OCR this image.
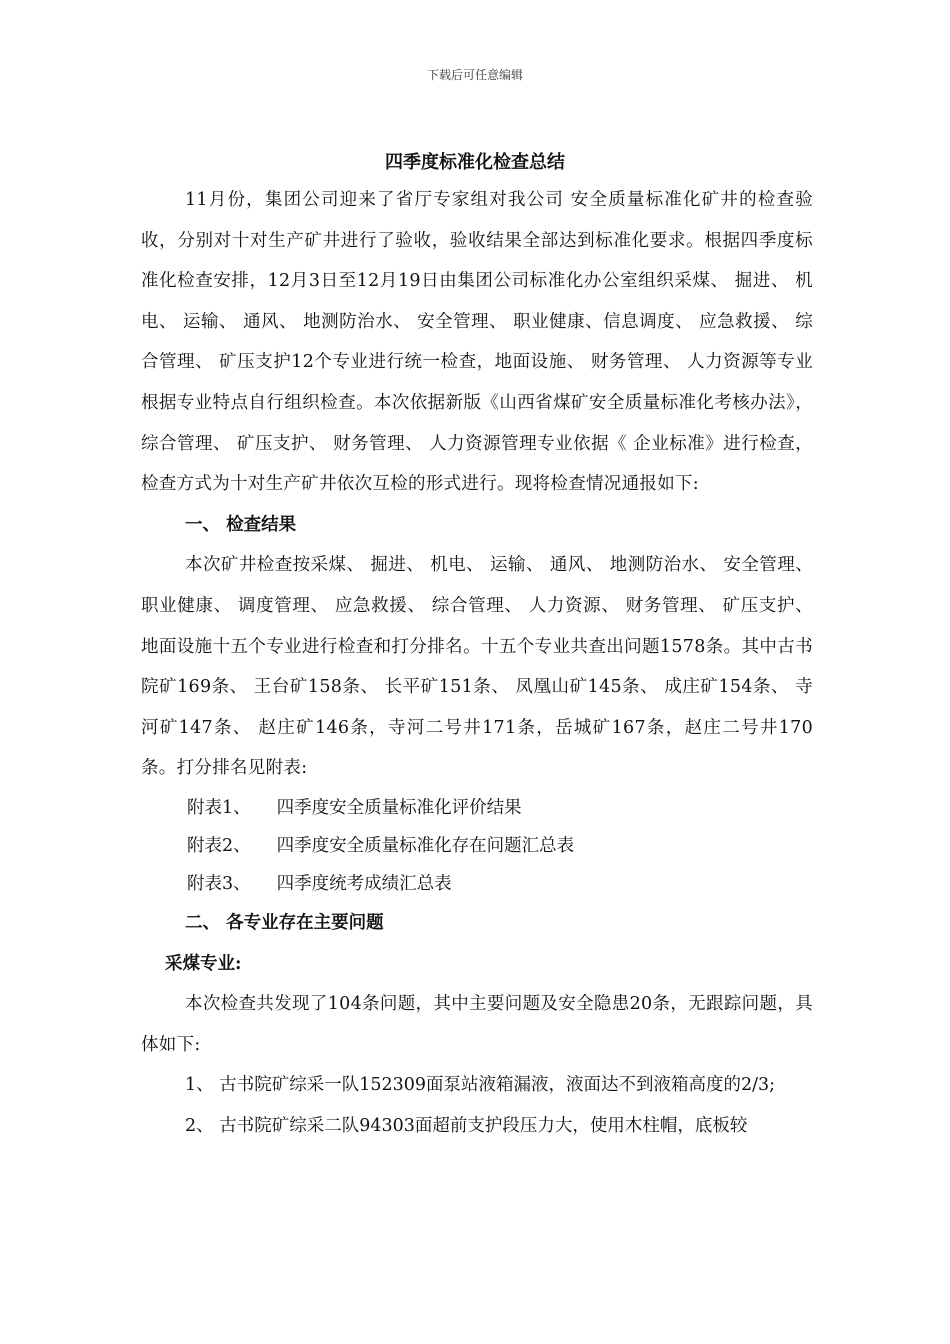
下载后可任意编辑
四季度标准化检查总结

11月份，集团公司迎来了省厅专家组对我公司 安全质量标准化矿井的检查验收，分别对十对生产矿井进行了验收，验收结果全部达到标准化要求。根据四季度标准化检查安排，12月3日至12月19日由集团公司标准化办公室组织采煤、 掘进、 机电、 运输、 通风、 地测防治水、 安全管理、 职业健康、信息调度、 应急救援、 综合管理、 矿压支护12个专业进行统一检查，地面设施、 财务管理、 人力资源等专业根据专业特点自行组织检查。本次依据新版《山西省煤矿安全质量标准化考核办法》，综合管理、 矿压支护、 财务管理、 人力资源管理专业依据《 企业标准》进行检查，检查方式为十对生产矿井依次互检的形式进行。现将检查情况通报如下:

一、 检查结果

本次矿井检查按采煤、 掘进、 机电、 运输、 通风、 地测防治水、 安全管理、 职业健康、 调度管理、 应急救援、 综合管理、 人力资源、 财务管理、 矿压支护、 地面设施十五个专业进行检查和打分排名。十五个专业共查出问题1578条。其中古书院矿169条、 王台矿158条、 长平矿151条、 凤凰山矿145条、 成庄矿154条、 寺河矿147条、 赵庄矿146条，寺河二号井171条，岳城矿167条，赵庄二号井170条。打分排名见附表:

附表1、 四季度安全质量标准化评价结果

附表2、 四季度安全质量标准化存在问题汇总表

附表3、 四季度统考成绩汇总表

二、 各专业存在主要问题

采煤专业:

本次检查共发现了104条问题，其中主要问题及安全隐患20条，无跟踪问题，具体如下:

1、 古书院矿综采一队152309面泵站液箱漏液，液面达不到液箱高度的2/3;

2、 古书院矿综采二队94303面超前支护段压力大，使用木柱帽，底板较
